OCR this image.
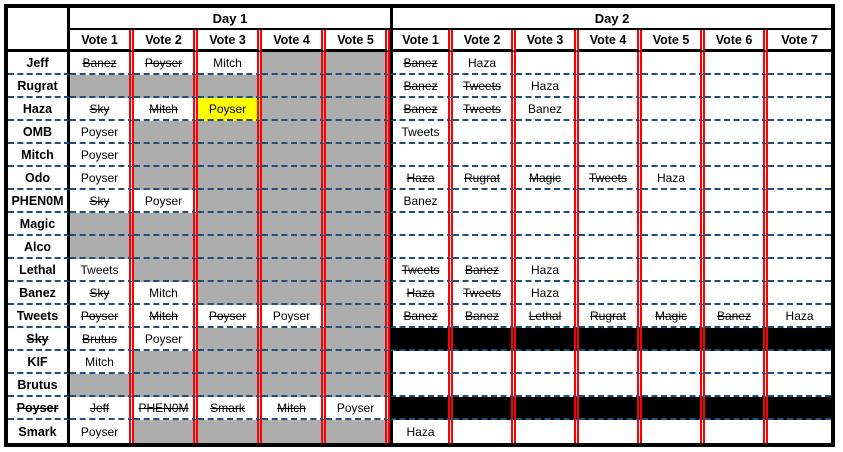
	Day 1					Day 2						
	Vote 1	Vote 2	Vote 3	Vote 4	Vote 5	Vote 1	Vote 2	Vote 3	Vote 4	Vote 5	Vote 6	Vote 7
Jeff	Banez	Poyser	Mitch			Banez	Haza					
Rugrat						Banez	Tweets	Haza				
Haza	Sky	Mitch	Poyser			Banez	Tweets	Banez				
OMB	Poyser					Tweets						
Mitch	Poyser											
Odo	Poyser					Haza	Rugrat	Magic	Tweets	Haza		
PHEN0M	Sky	Poyser				Banez						
Magic												
Alco												
Lethal	Tweets					Tweets	Banez	Haza				
Banez	Sky	Mitch				Haza	Tweets	Haza				
Tweets	Poyser	Mitch	Poyser	Poyser		Banez	Banez	Lethal	Rugrat	Magic	Banez	Haza
Sky	Brutus	Poyser										
KIF	Mitch											
Brutus												
Poyser	Jeff	PHEN0M	Smark	Mitch	Poyser							
Smark	Poyser					Haza						
